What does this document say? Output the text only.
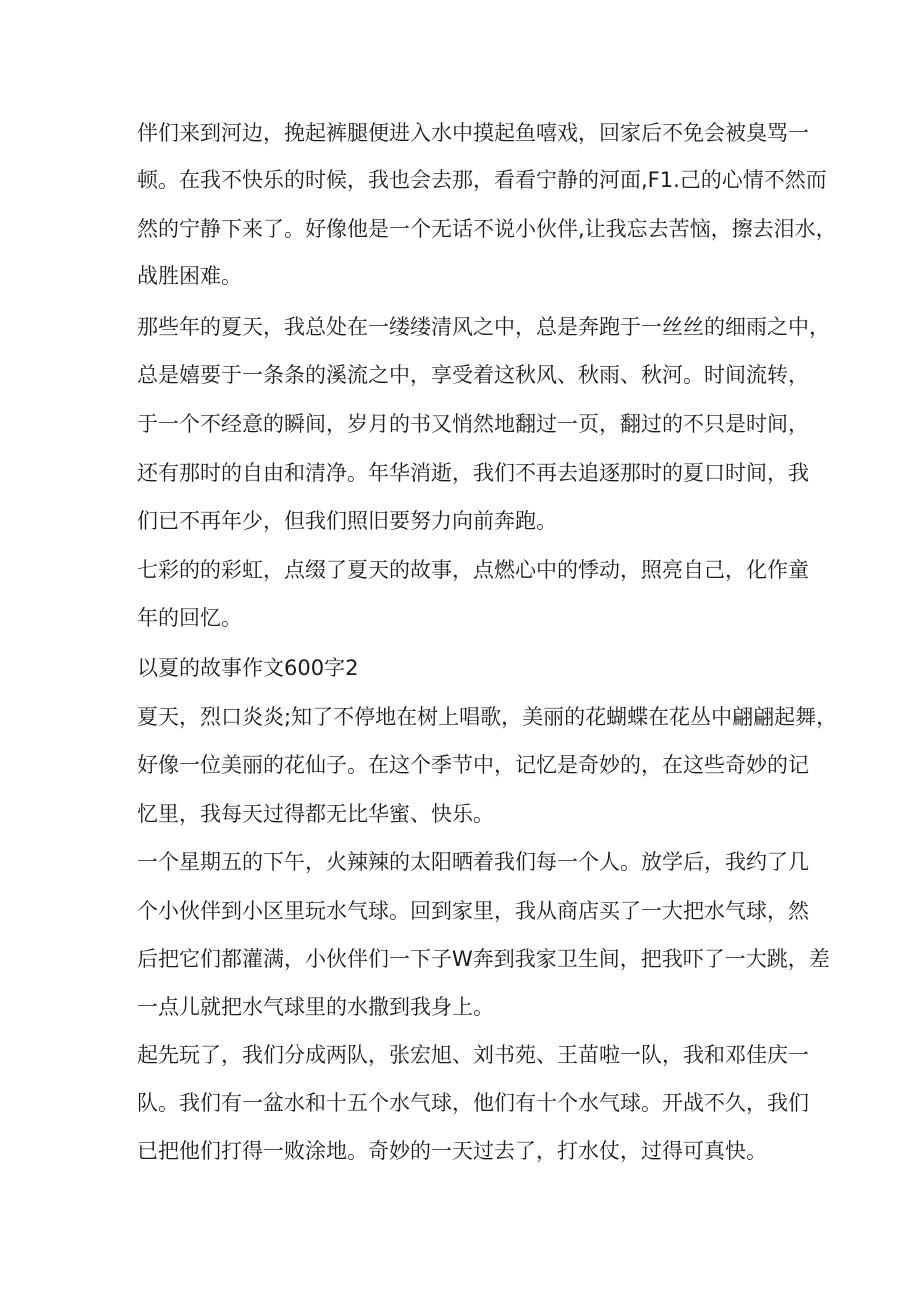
伴们来到河边，挽起裤腿便进入水中摸起鱼嘻戏，回家后不免会被臭骂一
顿。在我不快乐的时候，我也会去那，看看宁静的河面,F1.己的心情不然而
然的宁静下来了。好像他是一个无话不说小伙伴,让我忘去苦恼，擦去泪水，
战胜困难。
那些年的夏天，我总处在一缕缕清风之中，总是奔跑于一丝丝的细雨之中，
总是嬉要于一条条的溪流之中，享受着这秋风、秋雨、秋河。时间流转，
于一个不经意的瞬间，岁月的书又悄然地翻过一页，翻过的不只是时间，
还有那时的自由和清净。年华消逝，我们不再去追逐那时的夏口时间，我
们已不再年少，但我们照旧要努力向前奔跑。
七彩的的彩虹，点缀了夏天的故事，点燃心中的悸动，照亮自己，化作童
年的回忆。
以夏的故事作文600字2
夏天，烈口炎炎;知了不停地在树上唱歌，美丽的花蝴蝶在花丛中翩翩起舞，
好像一位美丽的花仙子。在这个季节中，记忆是奇妙的，在这些奇妙的记
忆里，我每天过得都无比华蜜、快乐。
一个星期五的下午，火辣辣的太阳晒着我们每一个人。放学后，我约了几
个小伙伴到小区里玩水气球。回到家里，我从商店买了一大把水气球，然
后把它们都灌满，小伙伴们一下子W奔到我家卫生间，把我吓了一大跳，差
一点儿就把水气球里的水撒到我身上。
起先玩了，我们分成两队，张宏旭、刘书苑、王苗啦一队，我和邓佳庆一
队。我们有一盆水和十五个水气球，他们有十个水气球。开战不久，我们
已把他们打得一败涂地。奇妙的一天过去了，打水仗，过得可真快。
